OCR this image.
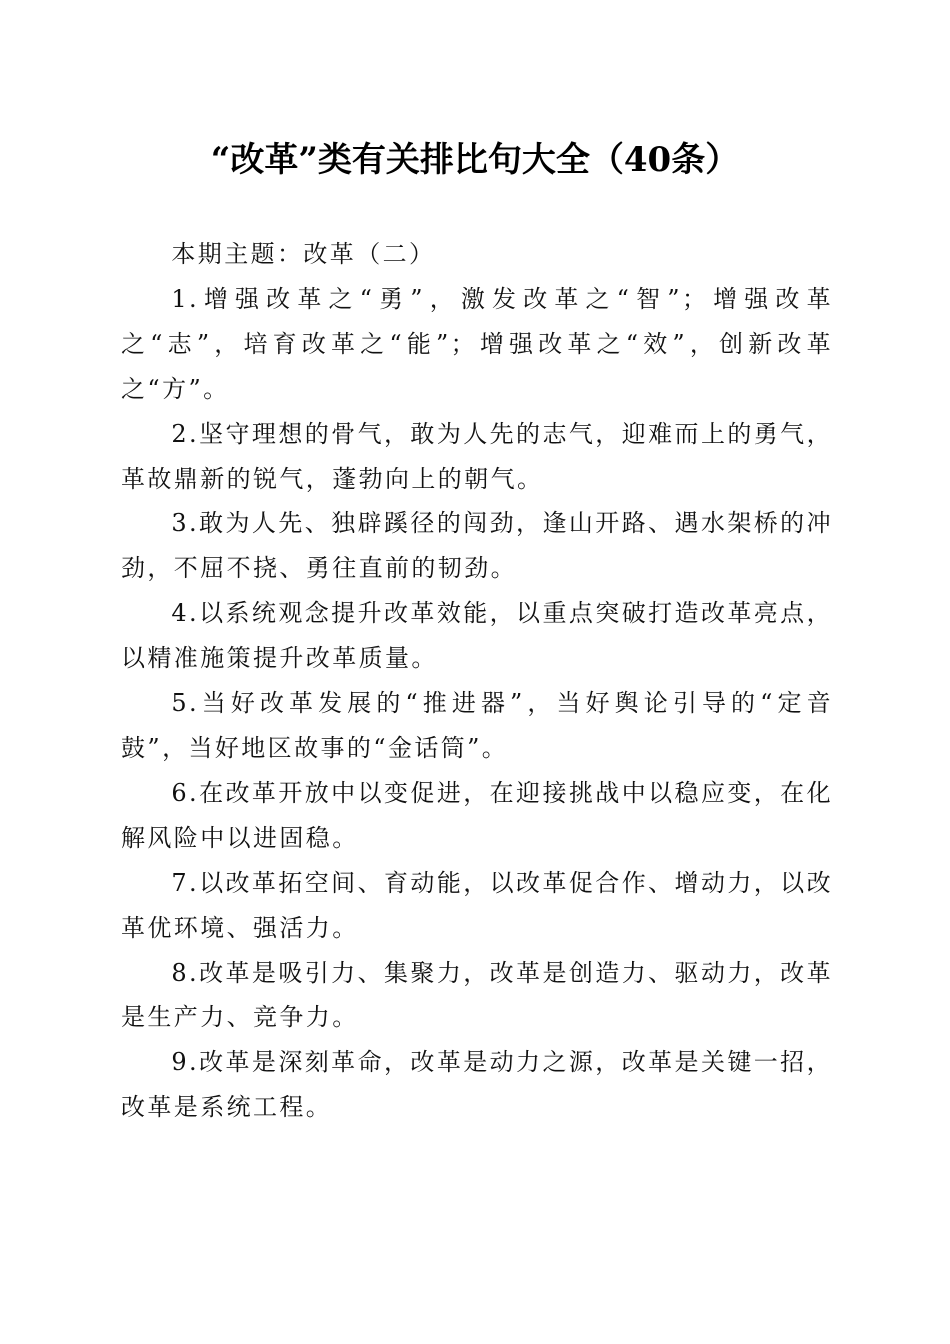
“改革”类有关排比句大全（40条）

本期主题：改革（二）

1.增强改革之“勇”，激发改革之“智”；增强改革之“志”，培育改革之“能”；增强改革之“效”，创新改革之“方”。

2.坚守理想的骨气，敢为人先的志气，迎难而上的勇气，革故鼎新的锐气，蓬勃向上的朝气。

3.敢为人先、独辟蹊径的闯劲，逢山开路、遇水架桥的冲劲，不屈不挠、勇往直前的韧劲。

4.以系统观念提升改革效能，以重点突破打造改革亮点，以精准施策提升改革质量。

5.当好改革发展的“推进器”，当好舆论引导的“定音鼓”，当好地区故事的“金话筒”。

6.在改革开放中以变促进，在迎接挑战中以稳应变，在化解风险中以进固稳。

7.以改革拓空间、育动能，以改革促合作、增动力，以改革优环境、强活力。

8.改革是吸引力、集聚力，改革是创造力、驱动力，改革是生产力、竞争力。

9.改革是深刻革命，改革是动力之源，改革是关键一招，改革是系统工程。
